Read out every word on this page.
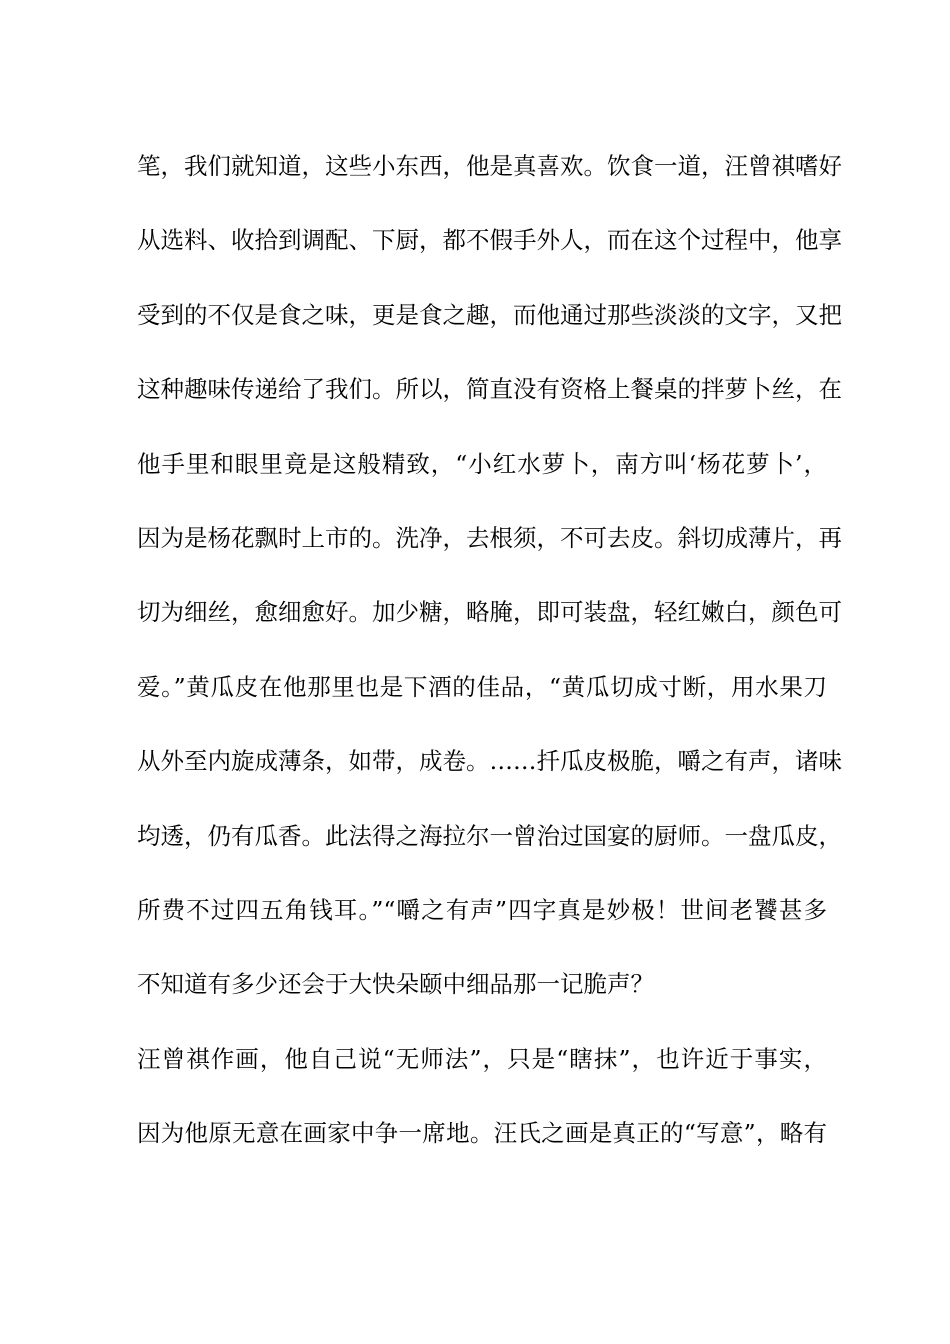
笔，我们就知道，这些小东西，他是真喜欢。饮食一道，汪曾祺嗜好
从选料、收拾到调配、下厨，都不假手外人，而在这个过程中，他享
受到的不仅是食之味，更是食之趣，而他通过那些淡淡的文字，又把
这种趣味传递给了我们。所以，简直没有资格上餐桌的拌萝卜丝，在
他手里和眼里竟是这般精致，“小红水萝卜，南方叫‘杨花萝卜’，
因为是杨花飘时上市的。洗净，去根须，不可去皮。斜切成薄片，再
切为细丝，愈细愈好。加少糖，略腌，即可装盘，轻红嫩白，颜色可
爱。”黄瓜皮在他那里也是下酒的佳品，“黄瓜切成寸断，用水果刀
从外至内旋成薄条，如带，成卷。……扦瓜皮极脆，嚼之有声，诸味
均透，仍有瓜香。此法得之海拉尔一曾治过国宴的厨师。一盘瓜皮，
所费不过四五角钱耳。”“嚼之有声”四字真是妙极！世间老饕甚多
不知道有多少还会于大快朵颐中细品那一记脆声？
汪曾祺作画，他自己说“无师法”，只是“瞎抹”，也许近于事实，
因为他原无意在画家中争一席地。汪氏之画是真正的“写意”，略有
